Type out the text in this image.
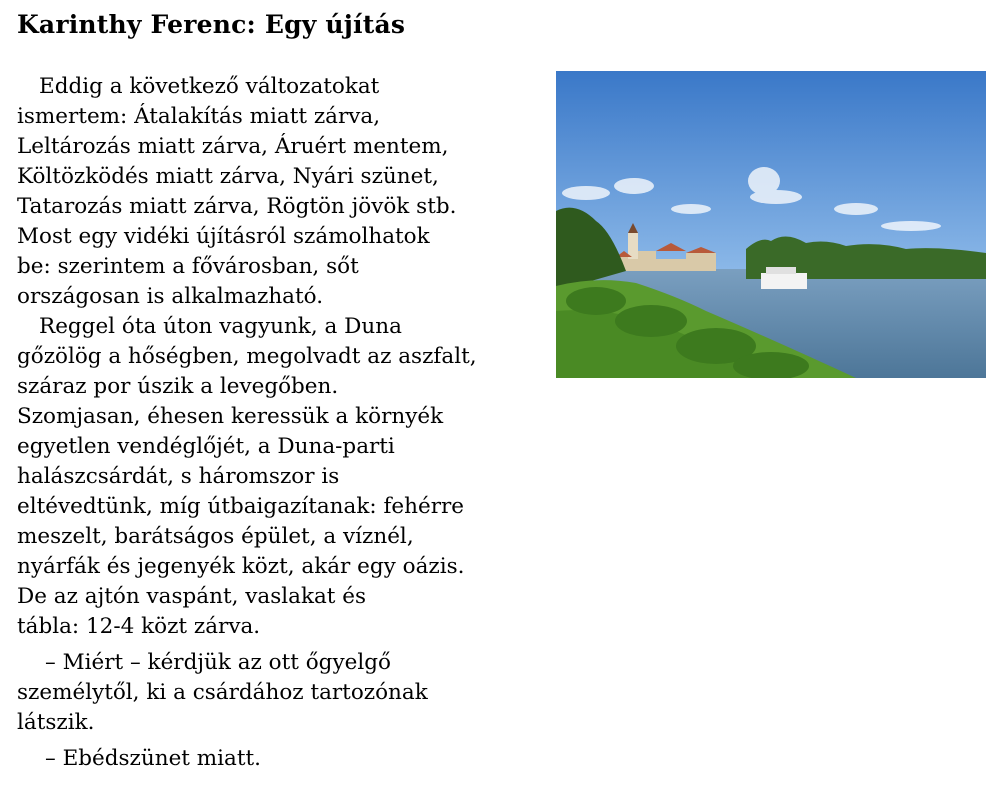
Karinthy Ferenc: Egy újítás
Eddig a következő változatokat
ismertem: Átalakítás miatt zárva,
Leltározás miatt zárva, Áruért mentem,
Költözködés miatt zárva, Nyári szünet,
Tatarozás miatt zárva, Rögtön jövök stb.
Most egy vidéki újításról számolhatok
be: szerintem a fővárosban, sőt
országosan is alkalmazható.
Reggel óta úton vagyunk, a Duna
gőzölög a hőségben, megolvadt az aszfalt,
száraz por úszik a levegőben.
Szomjasan, éhesen keressük a környék
egyetlen vendéglőjét, a Duna-parti
halászcsárdát, s háromszor is
eltévedtünk, míg útbaigazítanak: fehérre
meszelt, barátságos épület, a víznél,
nyárfák és jegenyék közt, akár egy oázis.
De az ajtón vaspánt, vaslakat és
tábla: 12-4 közt zárva.
– Miért – kérdjük az ott őgyelgő
személytől, ki a csárdához tartozónak
látszik.
– Ebédszünet miatt.
